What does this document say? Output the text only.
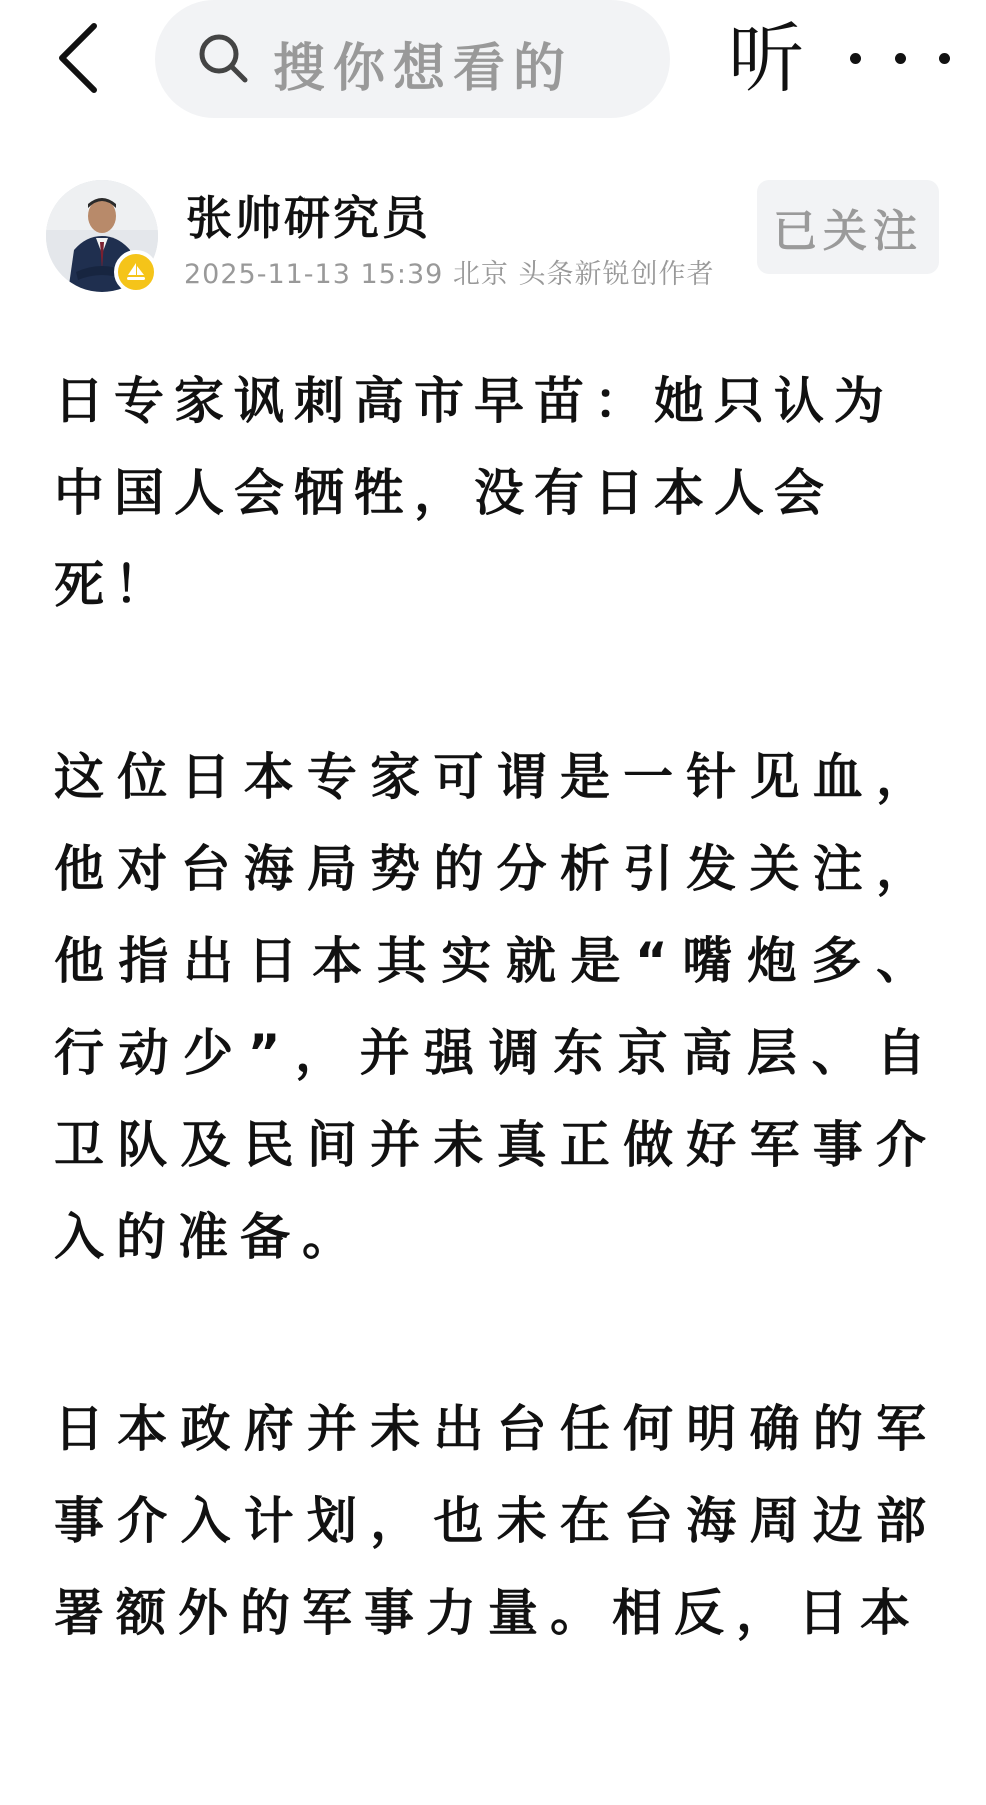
搜你想看的 听
张帅研究员
2025-11-13 15:39 北京 头条新锐创作者
已关注
日专家讽刺高市早苗：她只认为中国人会牺牲，没有日本人会死！

这位日本专家可谓是一针见血，他对台海局势的分析引发关注，他指出日本其实就是“嘴炮多、行动少”，并强调东京高层、自卫队及民间并未真正做好军事介入的准备。

日本政府并未出台任何明确的军事介入计划，也未在台海周边部署额外的军事力量。相反，日本
